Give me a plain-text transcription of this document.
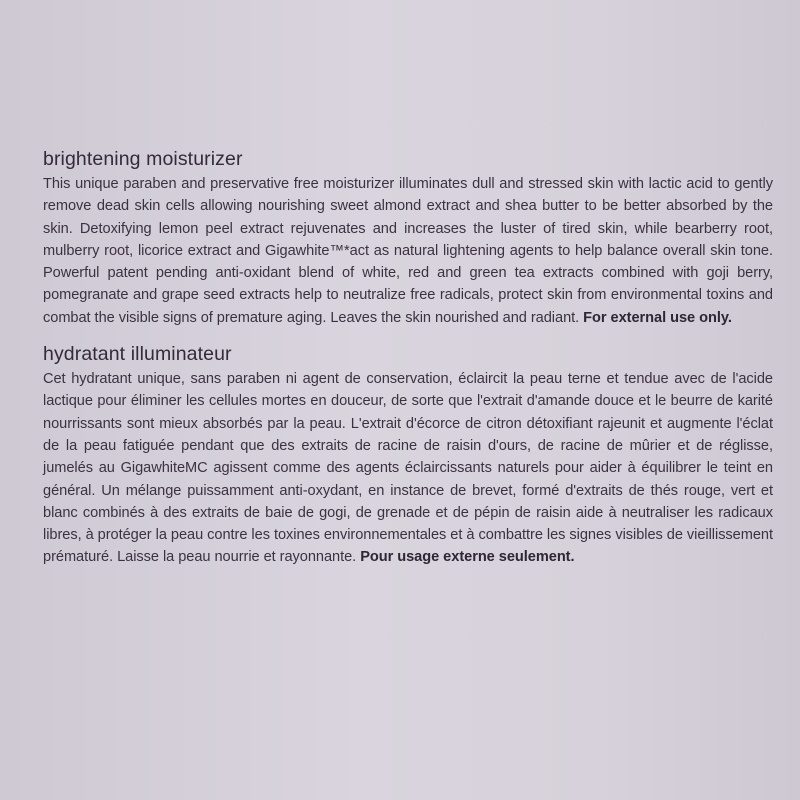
brightening moisturizer

This unique paraben and preservative free moisturizer illuminates dull and stressed skin with lactic acid to gently remove dead skin cells allowing nourishing sweet almond extract and shea butter to be better absorbed by the skin. Detoxifying lemon peel extract rejuvenates and increases the luster of tired skin, while bearberry root, mulberry root, licorice extract and Gigawhite™*act as natural lightening agents to help balance overall skin tone. Powerful patent pending anti-oxidant blend of white, red and green tea extracts combined with goji berry, pomegranate and grape seed extracts help to neutralize free radicals, protect skin from environmental toxins and combat the visible signs of premature aging. Leaves the skin nourished and radiant. For external use only.

hydratant illuminateur

Cet hydratant unique, sans paraben ni agent de conservation, éclaircit la peau terne et tendue avec de l'acide lactique pour éliminer les cellules mortes en douceur, de sorte que l'extrait d'amande douce et le beurre de karité nourrissants sont mieux absorbés par la peau. L'extrait d'écorce de citron détoxifiant rajeunit et augmente l'éclat de la peau fatiguée pendant que des extraits de racine de raisin d'ours, de racine de mûrier et de réglisse, jumelés au GigawhiteMC agissent comme des agents éclaircissants naturels pour aider à équilibrer le teint en général. Un mélange puissamment anti-oxydant, en instance de brevet, formé d'extraits de thés rouge, vert et blanc combinés à des extraits de baie de gogi, de grenade et de pépin de raisin aide à neutraliser les radicaux libres, à protéger la peau contre les toxines environnementales et à combattre les signes visibles de vieillissement prématuré. Laisse la peau nourrie et rayonnante. Pour usage externe seulement.
